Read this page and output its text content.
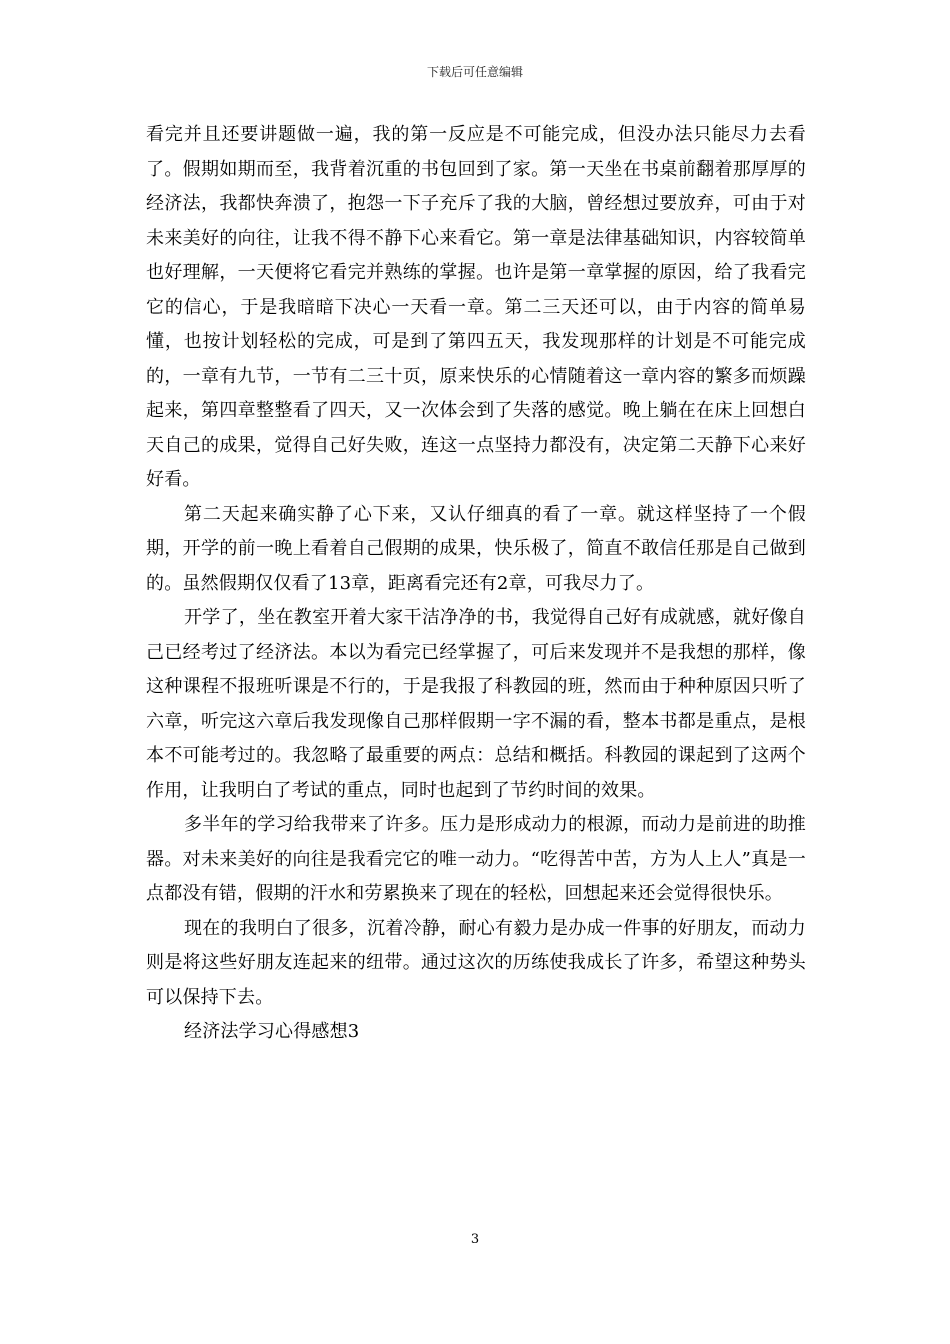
下载后可任意编辑

看完并且还要讲题做一遍，我的第一反应是不可能完成，但没办法只能尽力去看了。假期如期而至，我背着沉重的书包回到了家。第一天坐在书桌前翻着那厚厚的经济法，我都快奔溃了，抱怨一下子充斥了我的大脑，曾经想过要放弃，可由于对未来美好的向往，让我不得不静下心来看它。第一章是法律基础知识，内容较简单也好理解，一天便将它看完并熟练的掌握。也许是第一章掌握的原因，给了我看完它的信心，于是我暗暗下决心一天看一章。第二三天还可以，由于内容的简单易懂，也按计划轻松的完成，可是到了第四五天，我发现那样的计划是不可能完成的，一章有九节，一节有二三十页，原来快乐的心情随着这一章内容的繁多而烦躁起来，第四章整整看了四天，又一次体会到了失落的感觉。晚上躺在在床上回想白天自己的成果，觉得自己好失败，连这一点坚持力都没有，决定第二天静下心来好好看。

第二天起来确实静了心下来，又认仔细真的看了一章。就这样坚持了一个假期，开学的前一晚上看着自己假期的成果，快乐极了，简直不敢信任那是自己做到的。虽然假期仅仅看了13章，距离看完还有2章，可我尽力了。

开学了，坐在教室开着大家干洁净净的书，我觉得自己好有成就感，就好像自己已经考过了经济法。本以为看完已经掌握了，可后来发现并不是我想的那样，像这种课程不报班听课是不行的，于是我报了科教园的班，然而由于种种原因只听了六章，听完这六章后我发现像自己那样假期一字不漏的看，整本书都是重点，是根本不可能考过的。我忽略了最重要的两点：总结和概括。科教园的课起到了这两个作用，让我明白了考试的重点，同时也起到了节约时间的效果。

多半年的学习给我带来了许多。压力是形成动力的根源，而动力是前进的助推器。对未来美好的向往是我看完它的唯一动力。“吃得苦中苦，方为人上人”真是一点都没有错，假期的汗水和劳累换来了现在的轻松，回想起来还会觉得很快乐。

现在的我明白了很多，沉着冷静，耐心有毅力是办成一件事的好朋友，而动力则是将这些好朋友连起来的纽带。通过这次的历练使我成长了许多，希望这种势头可以保持下去。

经济法学习心得感想3

3
